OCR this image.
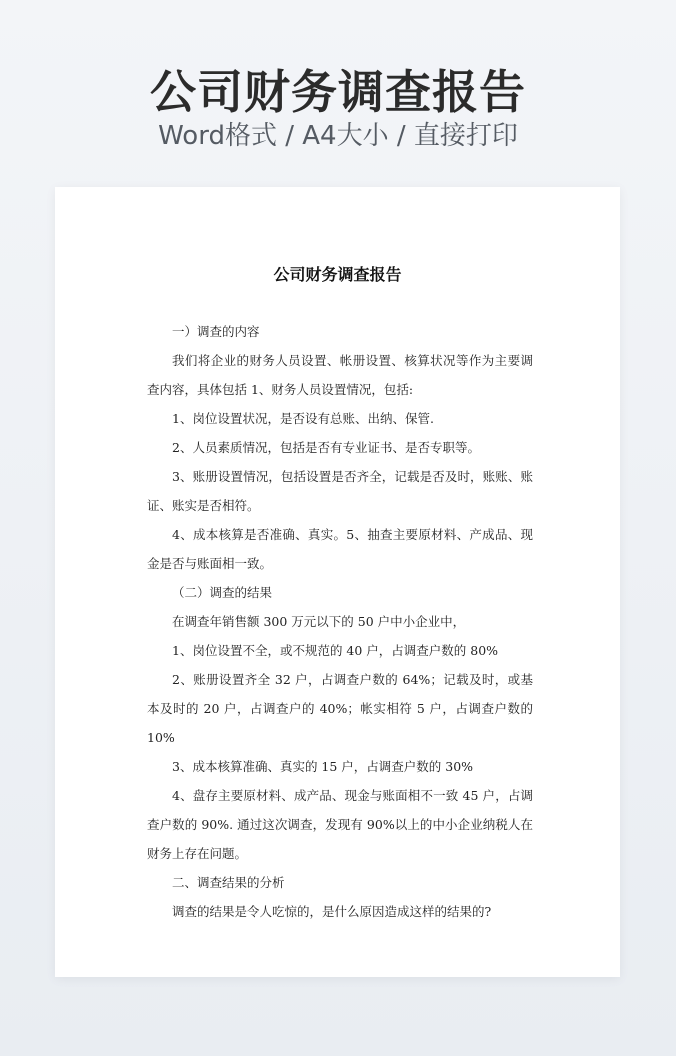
公司财务调查报告
Word格式 / A4大小 / 直接打印
公司财务调查报告

一）调查的内容

我们将企业的财务人员设置、帐册设置、核算状况等作为主要调查内容，具体包括 1、财务人员设置情况，包括:

1、岗位设置状况，是否设有总账、出纳、保管.

2、人员素质情况，包括是否有专业证书、是否专职等。

3、账册设置情况，包括设置是否齐全，记载是否及时，账账、账证、账实是否相符。

4、成本核算是否准确、真实。5、抽查主要原材料、产成品、现金是否与账面相一致。

（二）调查的结果

在调查年销售额 300 万元以下的 50 户中小企业中，

1、岗位设置不全，或不规范的 40 户，占调查户数的 80%

2、账册设置齐全 32 户，占调查户数的 64%；记载及时，或基本及时的 20 户，占调查户的 40%；帐实相符 5 户，占调查户数的 10%

3、成本核算准确、真实的 15 户，占调查户数的 30%

4、盘存主要原材料、成产品、现金与账面相不一致 45 户，占调查户数的 90%. 通过这次调查，发现有 90%以上的中小企业纳税人在财务上存在问题。

二、调查结果的分析

调查的结果是令人吃惊的，是什么原因造成这样的结果的?
